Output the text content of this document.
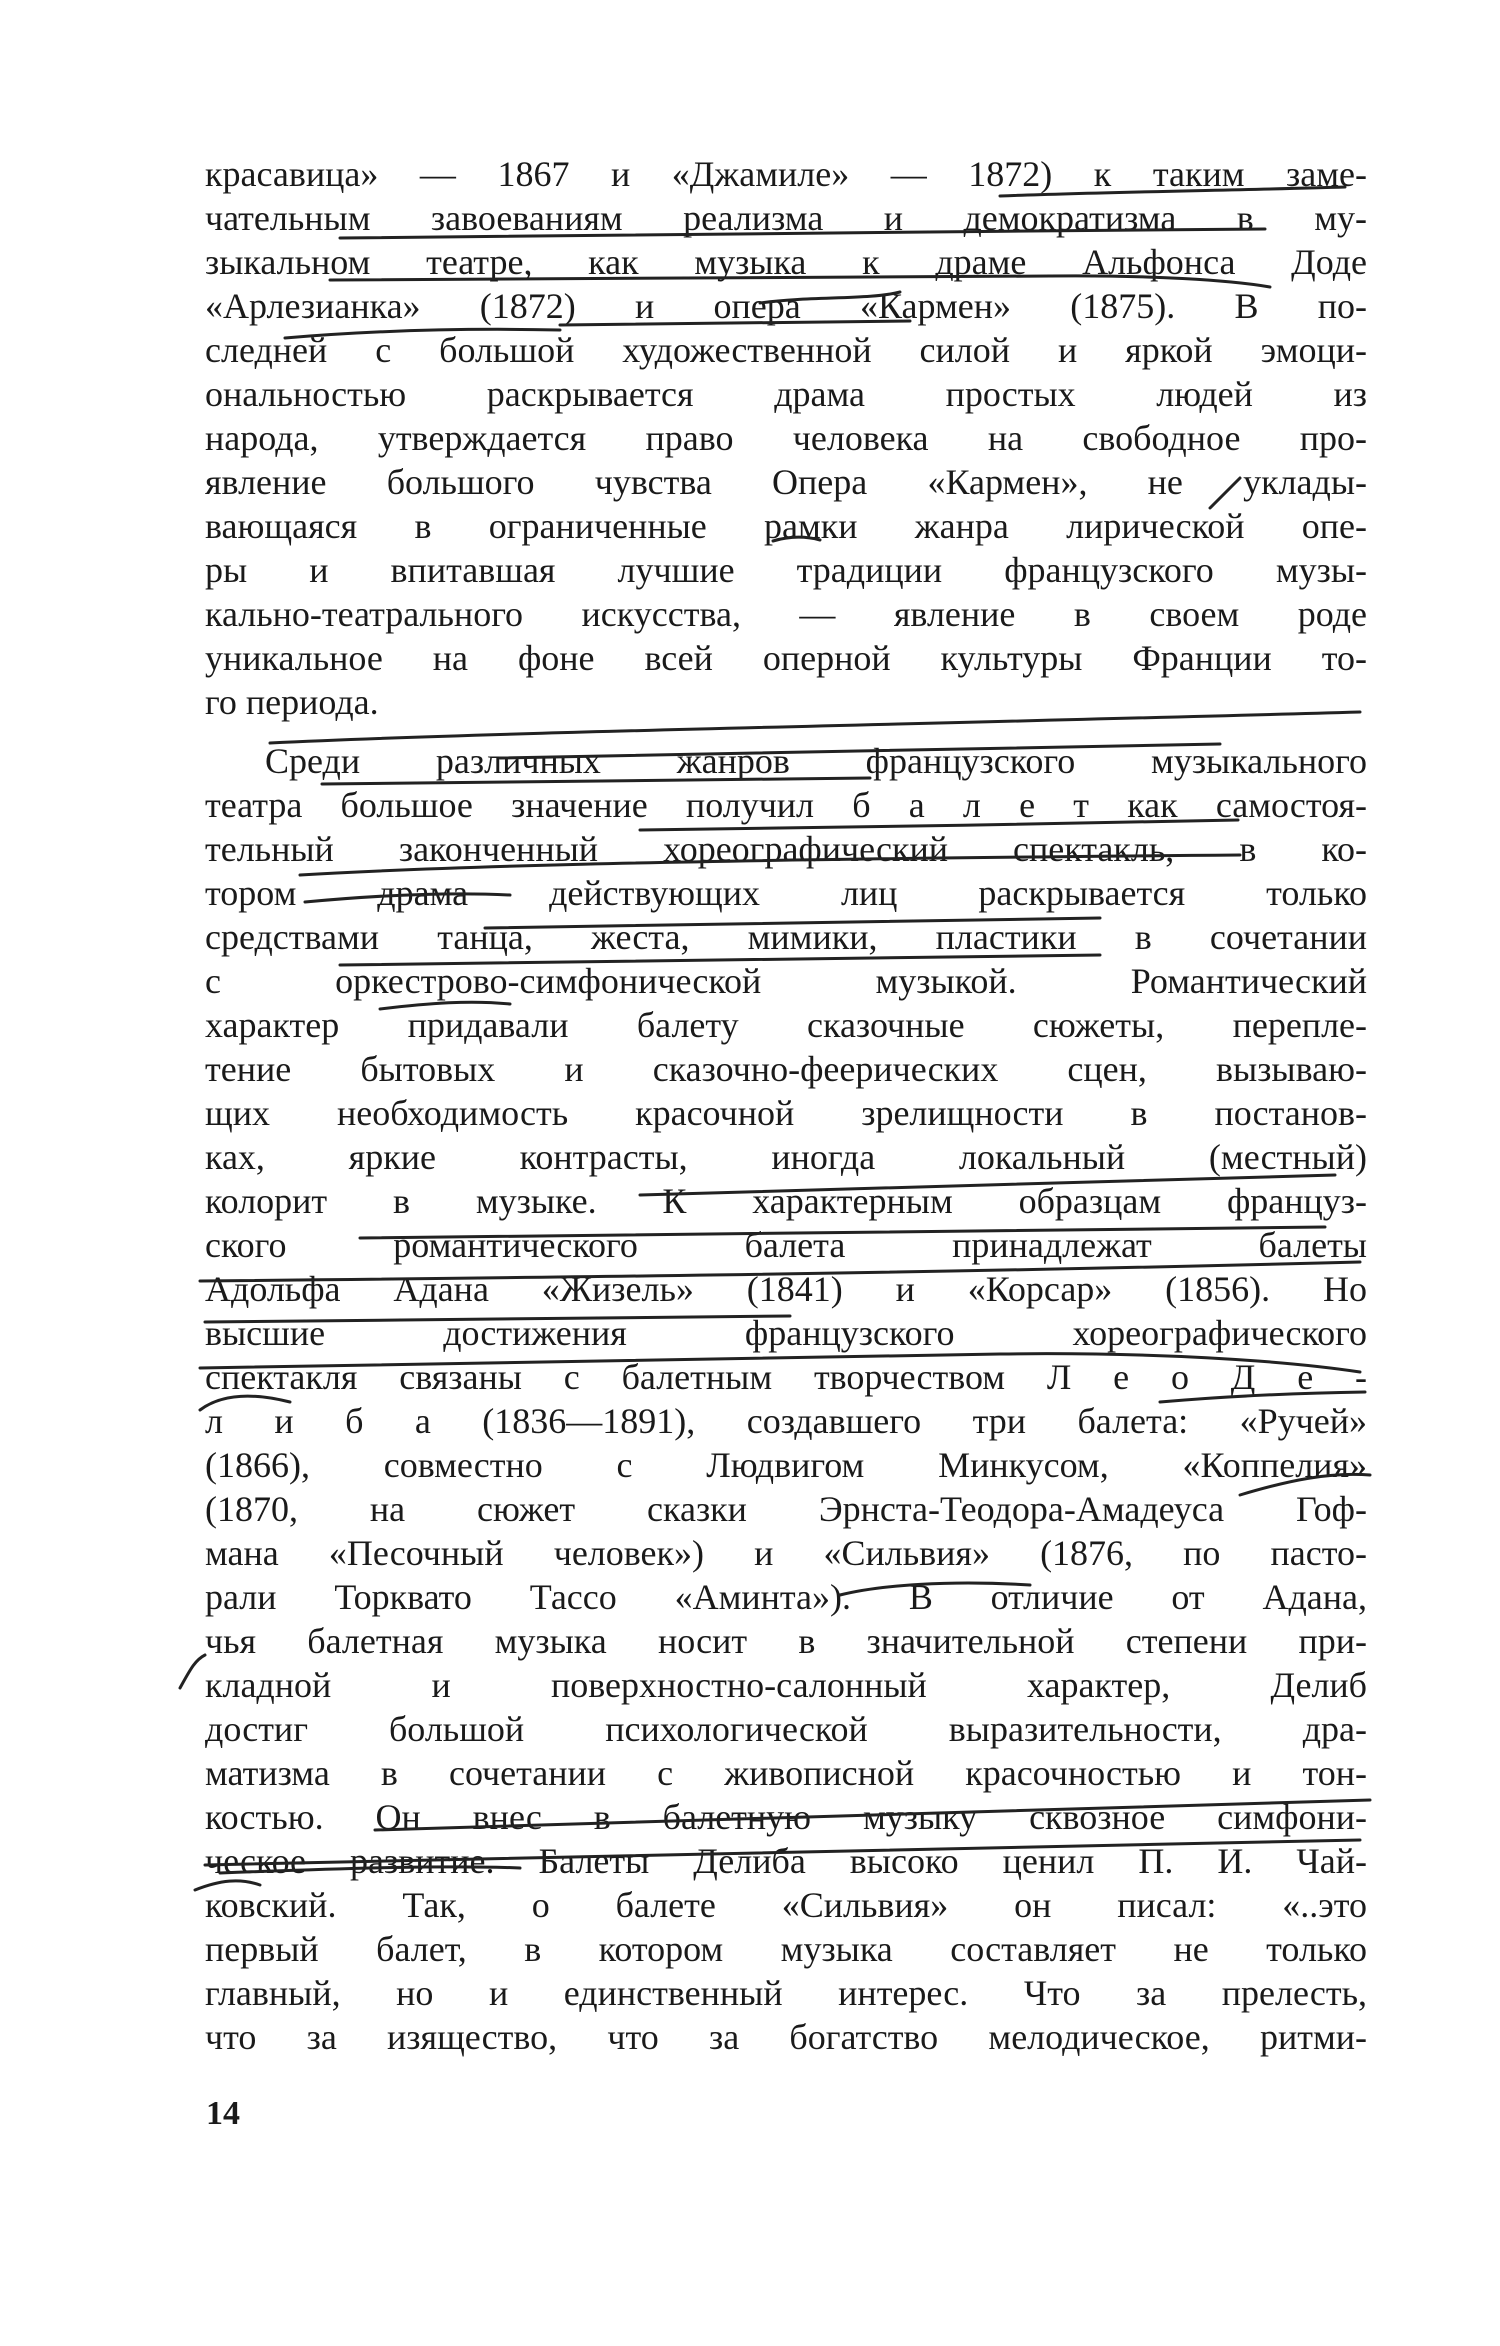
красавица» — 1867 и «Джамиле» — 1872) к таким заме-

чательным завоеваниям реализма и демократизма в му-

зыкальном театре, как музыка к драме Альфонса Доде

«Арлезианка» (1872) и опера «Кармен» (1875). В по-

следней с большой художественной силой и яркой эмоци-

ональностью раскрывается драма простых людей из

народа, утверждается право человека на свободное про-

явление большого чувства Опера «Кармен», не уклады-

вающаяся в ограниченные рамки жанра лирической опе-

ры и впитавшая лучшие традиции французского музы-

кально-театрального искусства, — явление в своем роде

уникальное на фоне всей оперной культуры Франции то-

го периода.

Среди различных жанров французского музыкального

театра большое значение получил б а л е т как самостоя-

тельный законченный хореографический спектакль, в ко-

тором драма действующих лиц раскрывается только

средствами танца, жеста, мимики, пластики в сочетании

с оркестрово-симфонической музыкой. Романтический

характер придавали балету сказочные сюжеты, перепле-

тение бытовых и сказочно-феерических сцен, вызываю-

щих необходимость красочной зрелищности в постанов-

ках, яркие контрасты, иногда локальный (местный)

колорит в музыке. К характерным образцам француз-

ского романтического балета принадлежат балеты

Адольфа Адана «Жизель» (1841) и «Корсар» (1856). Но

высшие достижения французского хореографического

спектакля связаны с балетным творчеством Л е о Д е -

л и б а (1836—1891), создавшего три балета: «Ручей»

(1866), совместно с Людвигом Минкусом, «Коппелия»

(1870, на сюжет сказки Эрнста-Теодора-Амадеуса Гоф-

мана «Песочный человек») и «Сильвия» (1876, по пасто-

рали Торквато Тассо «Аминта»). В отличие от Адана,

чья балетная музыка носит в значительной степени при-

кладной и поверхностно-салонный характер, Делиб

достиг большой психологической выразительности, дра-

матизма в сочетании с живописной красочностью и тон-

костью. Он внес в балетную музыку сквозное симфони-

ческое развитие. Балеты Делиба высоко ценил П. И. Чай-

ковский. Так, о балете «Сильвия» он писал: «..это

первый балет, в котором музыка составляет не только

главный, но и единственный интерес. Что за прелесть,

что за изящество, что за богатство мелодическое, ритми-

14
